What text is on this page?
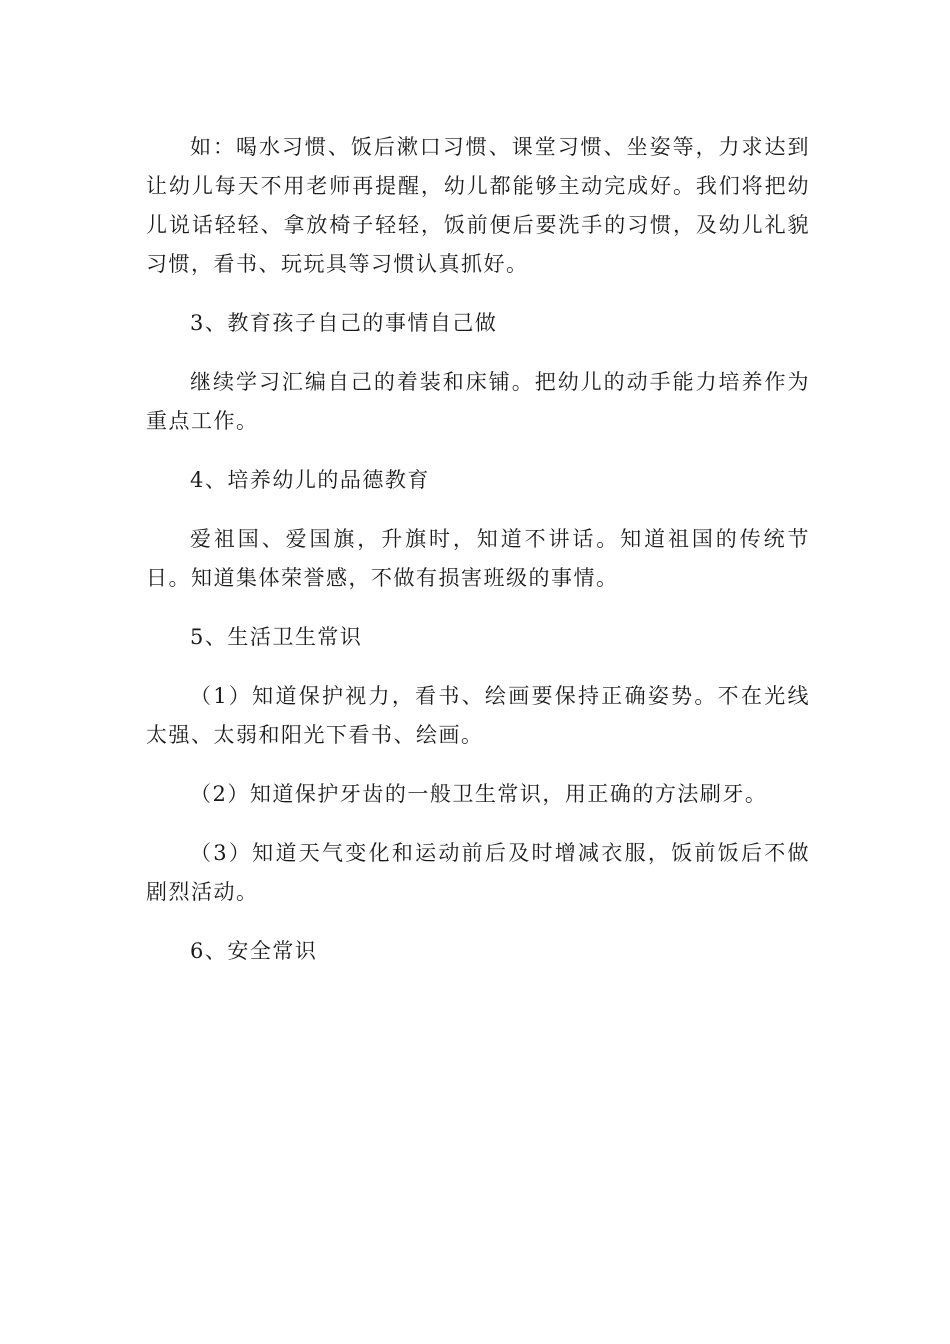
如：喝水习惯、饭后漱口习惯、课堂习惯、坐姿等，力求达到让幼儿每天不用老师再提醒，幼儿都能够主动完成好。我们将把幼儿说话轻轻、拿放椅子轻轻，饭前便后要洗手的习惯，及幼儿礼貌习惯，看书、玩玩具等习惯认真抓好。

3、教育孩子自己的事情自己做

继续学习汇编自己的着装和床铺。把幼儿的动手能力培养作为重点工作。

4、培养幼儿的品德教育

爱祖国、爱国旗，升旗时，知道不讲话。知道祖国的传统节日。知道集体荣誉感，不做有损害班级的事情。

5、生活卫生常识

（1）知道保护视力，看书、绘画要保持正确姿势。不在光线太强、太弱和阳光下看书、绘画。

（2）知道保护牙齿的一般卫生常识，用正确的方法刷牙。

（3）知道天气变化和运动前后及时增减衣服，饭前饭后不做剧烈活动。

6、安全常识
